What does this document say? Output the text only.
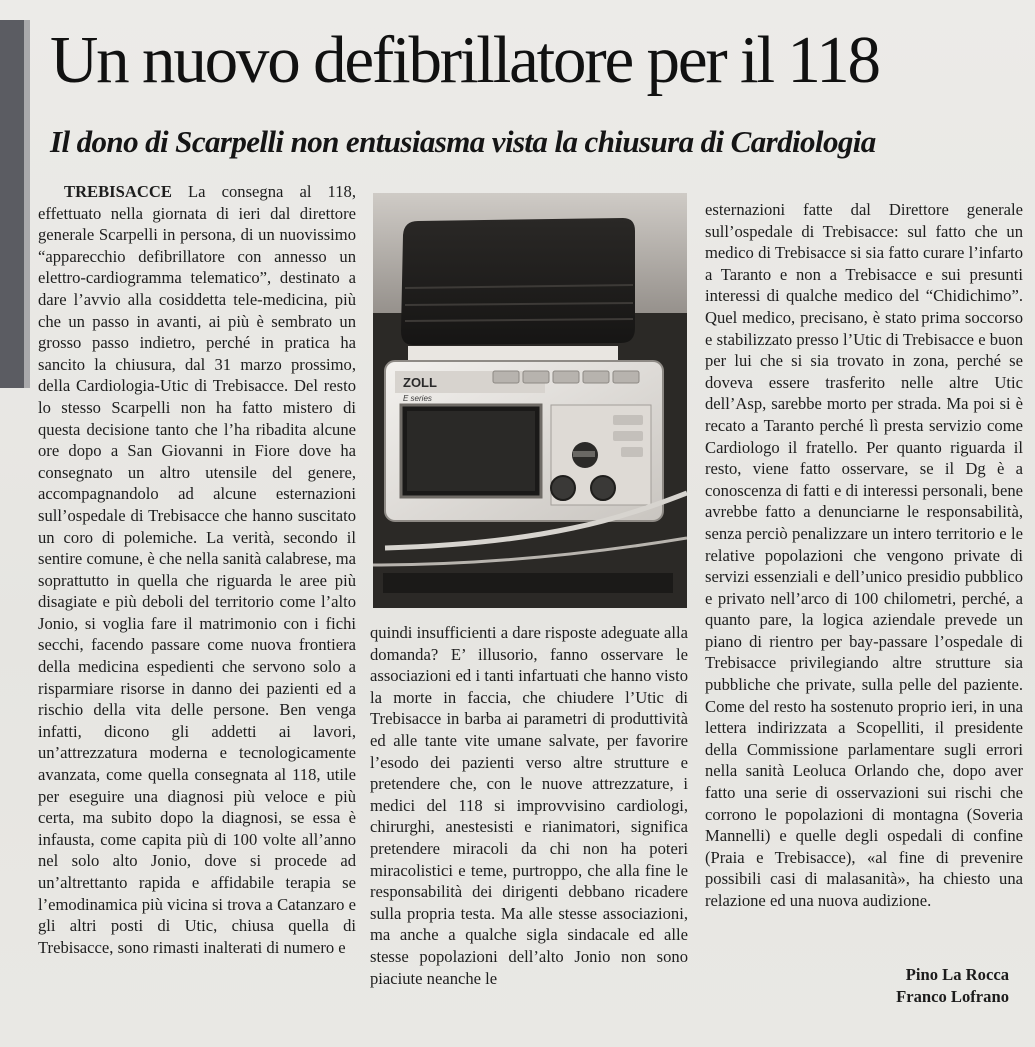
Un nuovo defibrillatore per il 118
Il dono di Scarpelli non entusiasma vista la chiusura di Cardiologia

TREBISACCE La consegna al 118, effettuato nella giornata di ieri dal direttore generale Scarpelli in persona, di un nuovissimo “apparecchio defibrillatore con annesso un elettro-cardiogramma telematico”, destinato a dare l’avvio alla cosiddetta tele-medicina, più che un passo in avanti, ai più è sembrato un grosso passo indietro, perché in pratica ha sancito la chiusura, dal 31 marzo prossimo, della Cardiologia-Utic di Trebisacce. Del resto lo stesso Scarpelli non ha fatto mistero di questa decisione tanto che l’ha ribadita alcune ore dopo a San Giovanni in Fiore dove ha consegnato un altro utensile del genere, accompagnandolo ad alcune esternazioni sull’ospedale di Trebisacce che hanno suscitato un coro di polemiche. La verità, secondo il sentire comune, è che nella sanità calabrese, ma soprattutto in quella che riguarda le aree più disagiate e più deboli del territorio come l’alto Jonio, si voglia fare il matrimonio con i fichi secchi, facendo passare come nuova frontiera della medicina espedienti che servono solo a risparmiare risorse in danno dei pazienti ed a rischio della vita delle persone. Ben venga infatti, dicono gli addetti ai lavori, un’attrezzatura moderna e tecnologicamente avanzata, come quella consegnata al 118, utile per eseguire una diagnosi più veloce e più certa, ma subito dopo la diagnosi, se essa è infausta, come capita più di 100 volte all’anno nel solo alto Jonio, dove si procede ad un’altrettanto rapida e affidabile terapia se l’emodinamica più vicina si trova a Catanzaro e gli altri posti di Utic, chiusa quella di Trebisacce, sono rimasti inalterati di numero e

ZOLL
E series

quindi insufficienti a dare risposte adeguate alla domanda? E’ illusorio, fanno osservare le associazioni ed i tanti infartuati che hanno visto la morte in faccia, che chiudere l’Utic di Trebisacce in barba ai parametri di produttività ed alle tante vite umane salvate, per favorire l’esodo dei pazienti verso altre strutture e pretendere che, con le nuove attrezzature, i medici del 118 si improvvisino cardiologi, chirurghi, anestesisti e rianimatori, significa pretendere miracoli da chi non ha poteri miracolistici e teme, purtroppo, che alla fine le responsabilità dei dirigenti debbano ricadere sulla propria testa. Ma alle stesse associazioni, ma anche a qualche sigla sindacale ed alle stesse popolazioni dell’alto Jonio non sono piaciute neanche le

esternazioni fatte dal Direttore generale sull’ospedale di Trebisacce: sul fatto che un medico di Trebisacce si sia fatto curare l’infarto a Taranto e non a Trebisacce e sui presunti interessi di qualche medico del “Chidichimo”. Quel medico, precisano, è stato prima soccorso e stabilizzato presso l’Utic di Trebisacce e buon per lui che si sia trovato in zona, perché se doveva essere trasferito nelle altre Utic dell’Asp, sarebbe morto per strada. Ma poi si è recato a Taranto perché lì presta servizio come Cardiologo il fratello. Per quanto riguarda il resto, viene fatto osservare, se il Dg è a conoscenza di fatti e di interessi personali, bene avrebbe fatto a denunciarne le responsabilità, senza perciò penalizzare un intero territorio e le relative popolazioni che vengono private di servizi essenziali e dell’unico presidio pubblico e privato nell’arco di 100 chilometri, perché, a quanto pare, la logica aziendale prevede un piano di rientro per bay-passare l’ospedale di Trebisacce privilegiando altre strutture sia pubbliche che private, sulla pelle del paziente. Come del resto ha sostenuto proprio ieri, in una lettera indirizzata a Scopelliti, il presidente della Commissione parlamentare sugli errori nella sanità Leoluca Orlando che, dopo aver fatto una serie di osservazioni sui rischi che corrono le popolazioni di montagna (Soveria Mannelli) e quelle degli ospedali di confine (Praia e Trebisacce), «al fine di prevenire possibili casi di malasanità», ha chiesto una relazione ed una nuova audizione.

Pino La Rocca
Franco Lofrano
